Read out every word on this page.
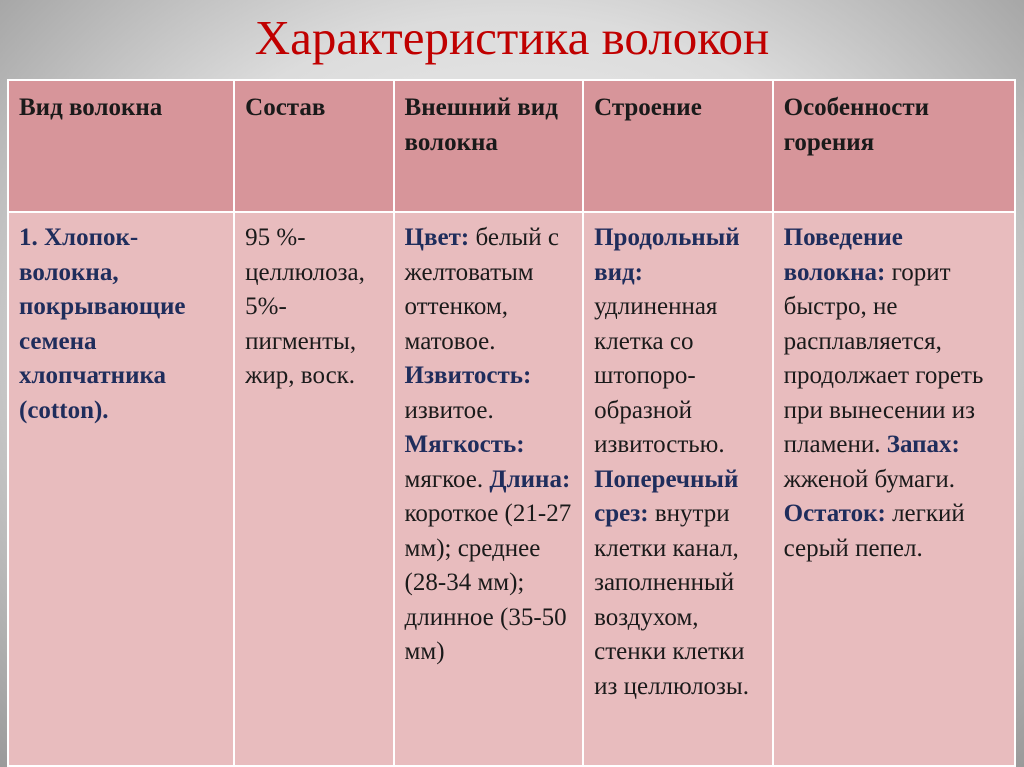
Характеристика волокон
Вид волокна	Состав	Внешний вид волокна	Строение	Особенности горения
1. Хлопок-волокна, покрывающие семена хлопчатника (cotton).	95 %-целлюлоза, 5%-пигменты, жир, воск.	Цвет: белый с желтоватым оттенком, матовое. Извитость: извитое. Мягкость: мягкое. Длина: короткое (21-27 мм); среднее (28-34 мм); длинное (35-50 мм)	Продольный вид: удлиненная клетка со штопоро-образной извитостью. Поперечный срез: внутри клетки канал, заполненный воздухом, стенки клетки из целлюлозы.	Поведение волокна: горит быстро, не расплавляется, продолжает гореть при вынесении из пламени. Запах: жженой бумаги. Остаток: легкий серый пепел.
